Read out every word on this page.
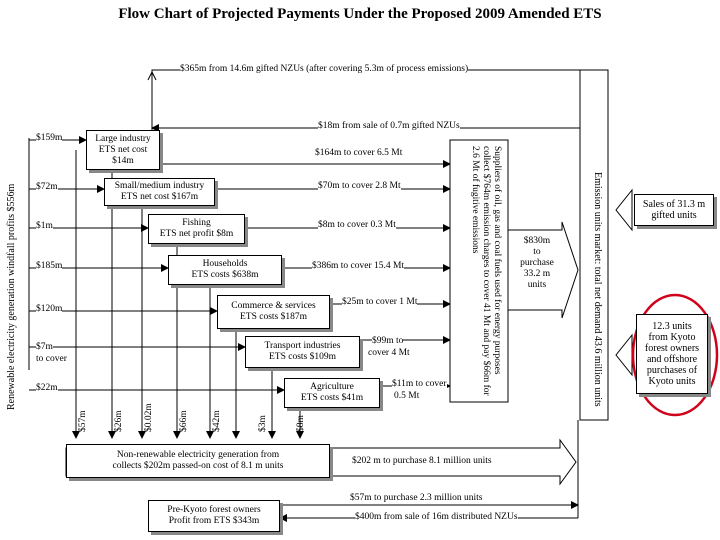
Flow Chart of Projected Payments Under the Proposed 2009 Amended ETS
$365m from 14.6m gifted NZUs (after covering 5.3m of process emissions)
$18m from sale of 0.7m gifted NZUs
Renewable electricity generation windfall profits $556m
$159m
$72m
$1m
$185m
$120m
$7m
to cover
$22m
Large industry
ETS net cost
$14m
Small/medium industry
ETS net cost $167m
Fishing
ETS net profit $8m
Households
ETS costs $638m
Commerce & services
ETS costs $187m
Transport industries
ETS costs $109m
Agriculture
ETS costs $41m
$164m to cover 6.5 Mt
$70m to cover 2.8 Mt
$8m to cover 0.3 Mt
$386m to cover 15.4 Mt
$25m to cover 1 Mt
$99m to
cover 4 Mt
$11m to cover
0.5 Mt
$57m	$26m $0.02m	$66m $42m	$3m	$8m
Suppliers of oil, gas and coal fuels used for energy purposes collect $764m emission charges to cover 41 Mt and pay $66m for 2.6 Mt of fugitive emissions	$830m
to
purchase
33.2 m
units	Emission units market: total net demand 43.6 million units	Sales of 31.3 m
gifted units
12.3 units
from Kyoto
forest owners
and offshore
purchases of
Kyoto units
Non-renewable electricity generation from
collects $202m passed-on cost of 8.1 m units	$202 m to purchase 8.1 million units
Pre-Kyoto forest owners
Profit from ETS $343m
$57m to purchase 2.3 million units
$400m from sale of 16m distributed NZUs
